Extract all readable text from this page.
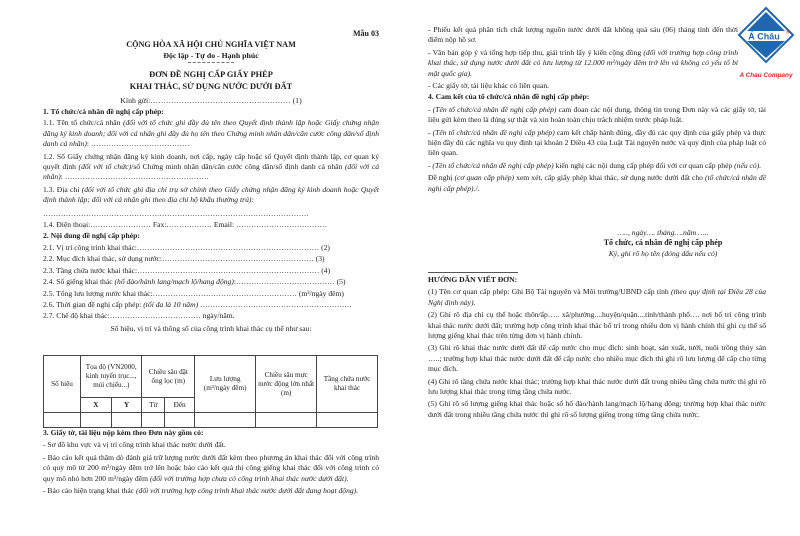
Mẫu 03
CỘNG HÒA XÃ HỘI CHỦ NGHĨA VIỆT NAM
Độc lập - Tự do - Hạnh phúc
ĐƠN ĐỀ NGHỊ CẤP GIẤY PHÉP
KHAI THÁC, SỬ DỤNG NƯỚC DƯỚI ĐẤT
Kính gửi:……………………………………………… (1)

1. Tổ chức/cá nhân đề nghị cấp phép:

1.1. Tên tổ chức/cá nhân (đối với tổ chức ghi đầy đủ tên theo Quyết định thành lập hoặc Giấy chứng nhận đăng ký kinh doanh; đối với cá nhân ghi đầy đủ họ tên theo Chứng minh nhân dân/căn cước công dân/số định danh cá nhân): …………………………………

1.2. Số Giấy chứng nhận đăng ký kinh doanh, nơi cấp, ngày cấp hoặc số Quyết định thành lập, cơ quan ký quyết định (đối với tổ chức)/số Chứng minh nhân dân/căn cước công dân/số định danh cá nhân (đối với cá nhân): …………………………………………………

1.3. Địa chỉ (đối với tổ chức ghi địa chỉ trụ sở chính theo Giấy chứng nhận đăng ký kinh doanh hoặc Quyết định thành lập; đối với cá nhân ghi theo địa chỉ hộ khẩu thường trú):

……………………………………………………………………………………………

1.4. Điện thoại:…………………… Fax:……………… Email: ………………………………

2. Nội dung đề nghị cấp phép:

2.1. Vị trí công trình khai thác:……………………………………………………………… (2)

2.2. Mục đích khai thác, sử dụng nước:…………………………………………………… (3)

2.3. Tầng chứa nước khai thác:……………………………………………………………… (4)

2.4. Số giếng khai thác (hố đào/hành lang/mạch lộ/hang động):………………………………… (5)

2.5. Tổng lưu lượng nước khai thác:………………………………………………… (m³/ngày đêm)

2.6. Thời gian đề nghị cấp phép: (tối đa là 10 năm) ……………………………………………………

2.7. Chế độ khai thác:……………………………… ngày/năm.

Số hiệu, vị trí và thông số của công trình khai thác cụ thể như sau:

Số hiệu	Tọa độ (VN2000, kinh tuyến trục..., múi chiếu...)		Chiều sâu đặt ống lọc (m)		Lưu lượng (m³/ngày đêm)	Chiều sâu mực nước động lớn nhất (m)	Tầng chứa nước khai thác
	X	Y	Từ	Đến			

3. Giấy tờ, tài liệu nộp kèm theo Đơn này gồm có:

- Sơ đồ khu vực và vị trí công trình khai thác nước dưới đất.

- Báo cáo kết quả thăm dò đánh giá trữ lượng nước dưới đất kèm theo phương án khai thác đối với công trình có quy mô từ 200 m³/ngày đêm trở lên hoặc báo cáo kết quả thi công giếng khai thác đối với công trình có quy mô nhỏ hơn 200 m³/ngày đêm (đối với trường hợp chưa có công trình khai thác nước dưới đất).

- Báo cáo hiện trạng khai thác (đối với trường hợp công trình khai thác nước dưới đất đang hoạt động).

- Phiếu kết quả phân tích chất lượng nguồn nước dưới đất không quá sáu (06) tháng tính đến thời điểm nộp hồ sơ.

- Văn bản góp ý và tổng hợp tiếp thu, giải trình lấy ý kiến cộng đồng (đối với trường hợp công trình khai thác, sử dụng nước dưới đất có lưu lượng từ 12.000 m³/ngày đêm trở lên và không có yếu tố bí mật quốc gia).

- Các giấy tờ, tài liệu khác có liên quan.

4. Cam kết của tổ chức/cá nhân đề nghị cấp phép:

- (Tên tổ chức/cá nhân đề nghị cấp phép) cam đoan các nội dung, thông tin trong Đơn này và các giấy tờ, tài liệu gửi kèm theo là đúng sự thật và xin hoàn toàn chịu trách nhiệm trước pháp luật.

- (Tên tổ chức/cá nhân đề nghị cấp phép) cam kết chấp hành đúng, đầy đủ các quy định của giấy phép và thực hiện đầy đủ các nghĩa vụ quy định tại khoản 2 Điều 43 của Luật Tài nguyên nước và quy định của pháp luật có liên quan.

- (Tên tổ chức/cá nhân đề nghị cấp phép) kiến nghị các nội dung cấp phép đối với cơ quan cấp phép (nếu có).

Đề nghị (cơ quan cấp phép) xem xét, cấp giấy phép khai thác, sử dụng nước dưới đất cho (tổ chức/cá nhân đề nghị cấp phép)./.

….., ngày…. tháng….năm …..

Tổ chức, cá nhân đề nghị cấp phép

Ký, ghi rõ họ tên (đóng dấu nếu có)

HƯỚNG DẪN VIẾT ĐƠN:

(1) Tên cơ quan cấp phép: Ghi Bộ Tài nguyên và Môi trường/UBND cấp tỉnh (theo quy định tại Điều 28 của Nghị định này).

(2) Ghi rõ địa chỉ cụ thể hoặc thôn/ấp….. xã/phường....huyện/quận....tỉnh/thành phố…. nơi bố trí công trình khai thác nước dưới đất; trường hợp công trình khai thác bố trí trong nhiều đơn vị hành chính thì ghi cụ thể số lượng giếng khai thác trên từng đơn vị hành chính.

(3) Ghi rõ khai thác nước dưới đất để cấp nước cho mục đích: sinh hoạt, sản xuất, tưới, nuôi trồng thủy sản …..; trường hợp khai thác nước dưới đất để cấp nước cho nhiều mục đích thì ghi rõ lưu lượng để cấp cho từng mục đích.

(4) Ghi rõ tầng chứa nước khai thác; trường hợp khai thác nước dưới đất trong nhiều tầng chứa nước thì ghi rõ lưu lượng khai thác trong từng tầng chứa nước.

(5) Ghi rõ số lượng giếng khai thác hoặc số hố đào/hành lang/mạch lộ/hang động; trường hợp khai thác nước dưới đất trong nhiều tầng chứa nước thì ghi rõ số lượng giếng trong từng tầng chứa nước.

Á Châu ®
A Chau Company
